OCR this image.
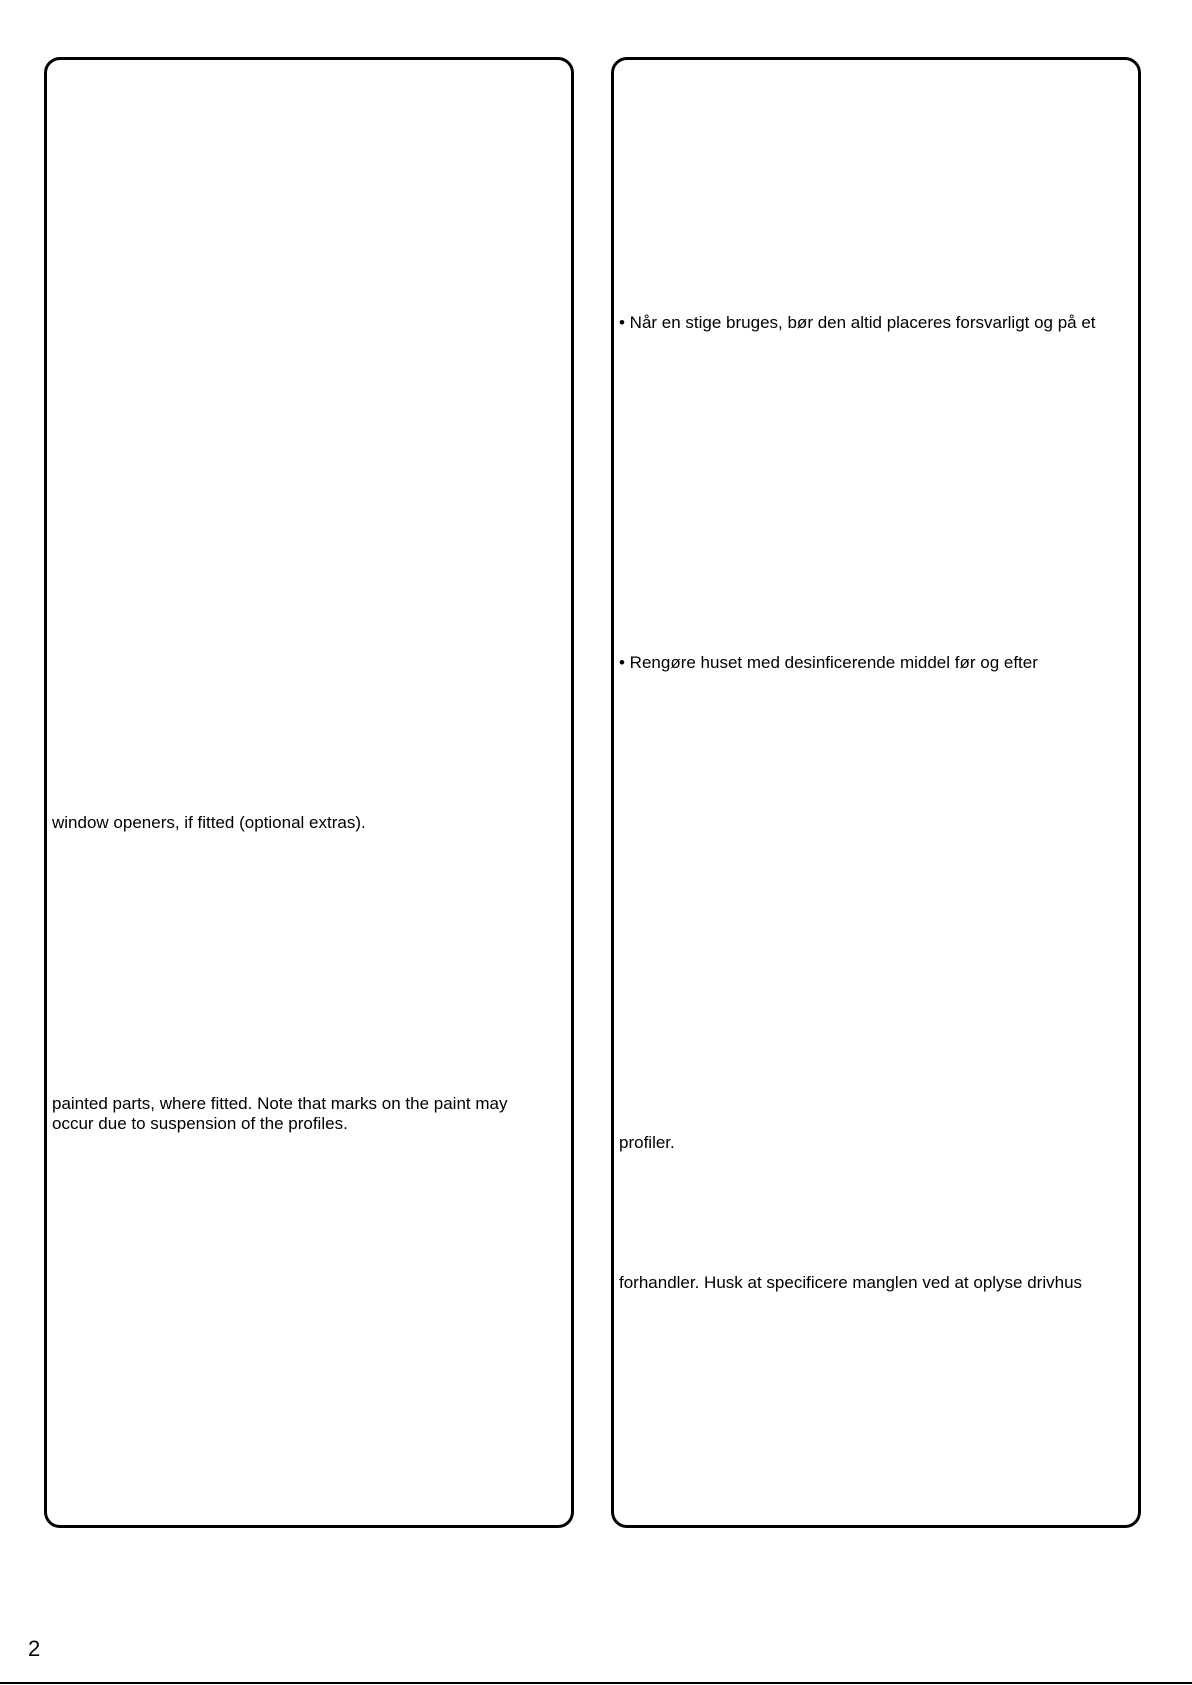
window openers, if fitted (optional extras).

painted parts, where fitted. Note that marks on the paint may

occur due to suspension of the profiles.

• Når en stige bruges, bør den altid placeres forsvarligt og på et

• Rengøre huset med desinficerende middel før og efter

profiler.

forhandler. Husk at specificere manglen ved at oplyse drivhus

2
